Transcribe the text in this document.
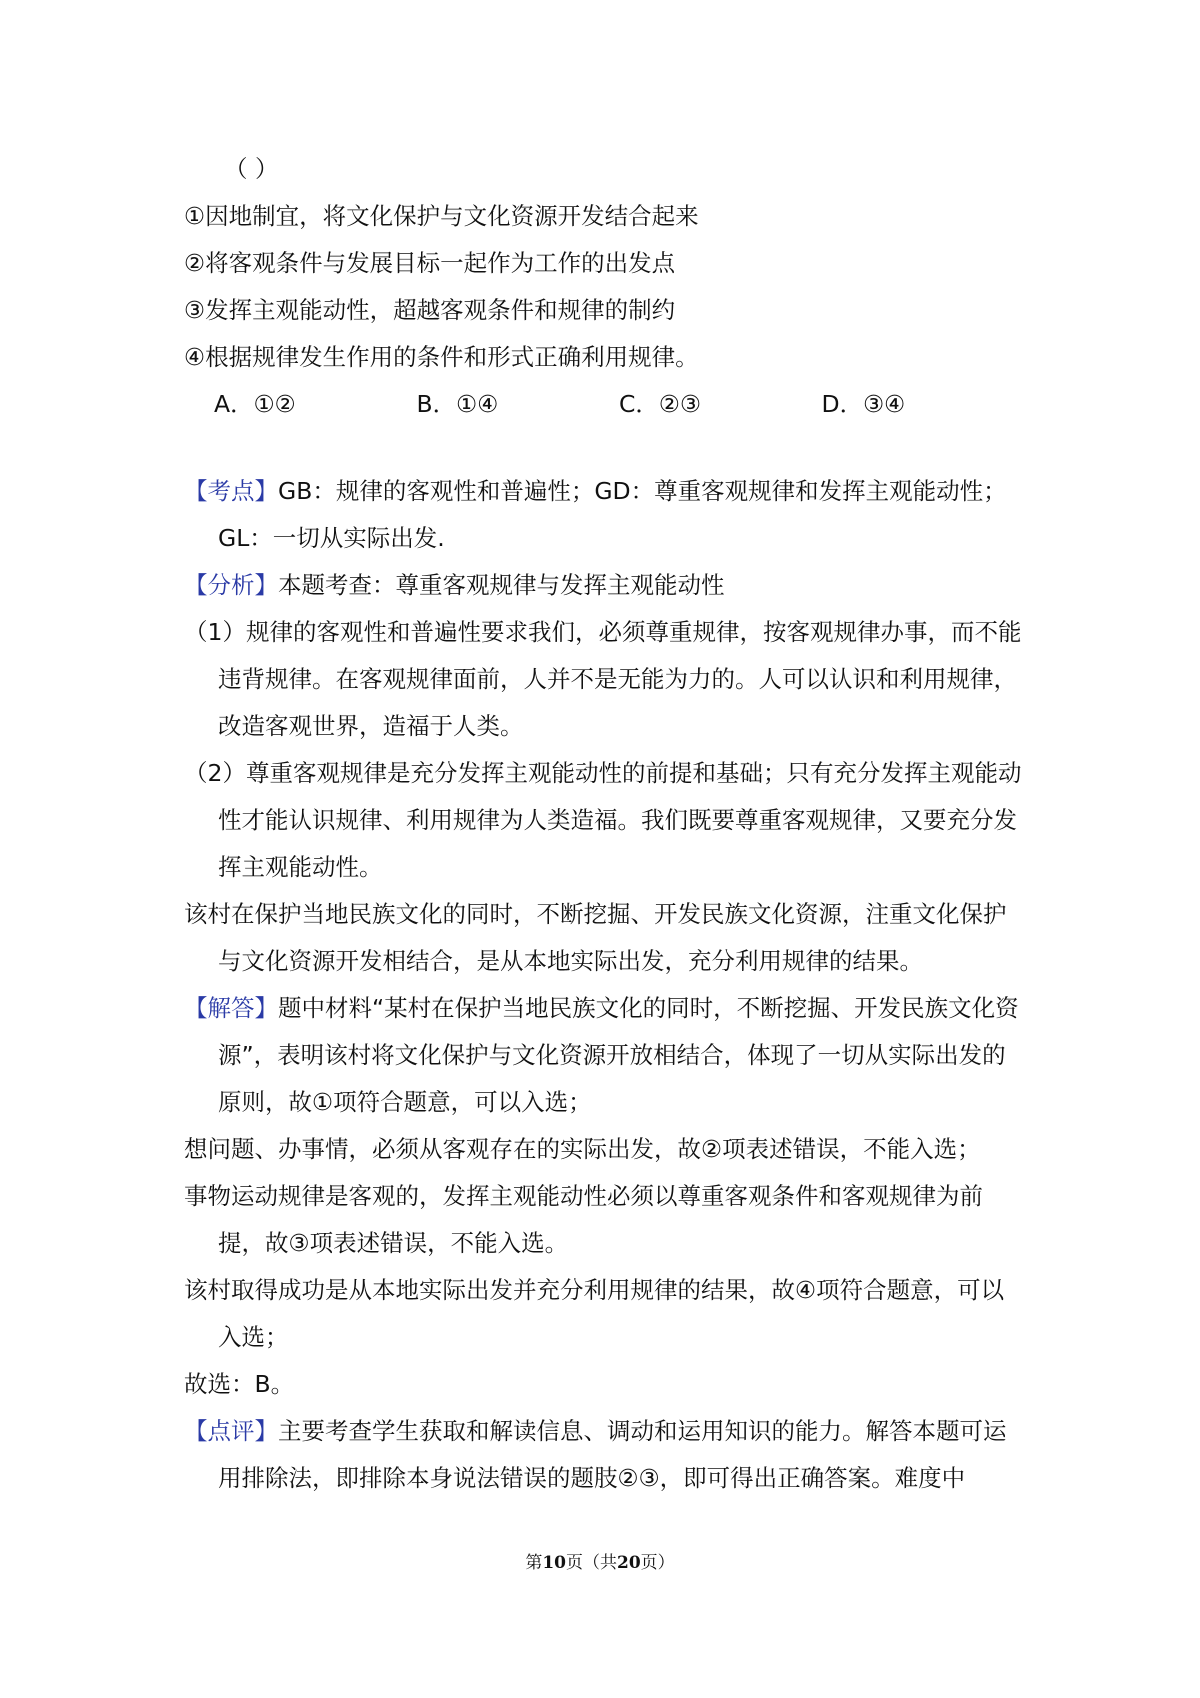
（ ）
①因地制宜，将文化保护与文化资源开发结合起来
②将客观条件与发展目标一起作为工作的出发点
③发挥主观能动性，超越客观条件和规律的制约
④根据规律发生作用的条件和形式正确利用规律。
A．①②	B．①④	C．②③	D．③④
【考点】GB：规律的客观性和普遍性；GD：尊重客观规律和发挥主观能动性；GL：一切从实际出发.
【分析】本题考查：尊重客观规律与发挥主观能动性
（1）规律的客观性和普遍性要求我们，必须尊重规律，按客观规律办事，而不能违背规律。在客观规律面前，人并不是无能为力的。人可以认识和利用规律，改造客观世界，造福于人类。
（2）尊重客观规律是充分发挥主观能动性的前提和基础；只有充分发挥主观能动性才能认识规律、利用规律为人类造福。我们既要尊重客观规律，又要充分发挥主观能动性。
该村在保护当地民族文化的同时，不断挖掘、开发民族文化资源，注重文化保护与文化资源开发相结合，是从本地实际出发，充分利用规律的结果。
【解答】题中材料“某村在保护当地民族文化的同时，不断挖掘、开发民族文化资源”，表明该村将文化保护与文化资源开放相结合，体现了一切从实际出发的原则，故①项符合题意，可以入选；
想问题、办事情，必须从客观存在的实际出发，故②项表述错误，不能入选；
事物运动规律是客观的，发挥主观能动性必须以尊重客观条件和客观规律为前提，故③项表述错误，不能入选。
该村取得成功是从本地实际出发并充分利用规律的结果，故④项符合题意，可以入选；
故选：B。
【点评】主要考查学生获取和解读信息、调动和运用知识的能力。解答本题可运用排除法，即排除本身说法错误的题肢②③，即可得出正确答案。难度中
第10页（共20页）
